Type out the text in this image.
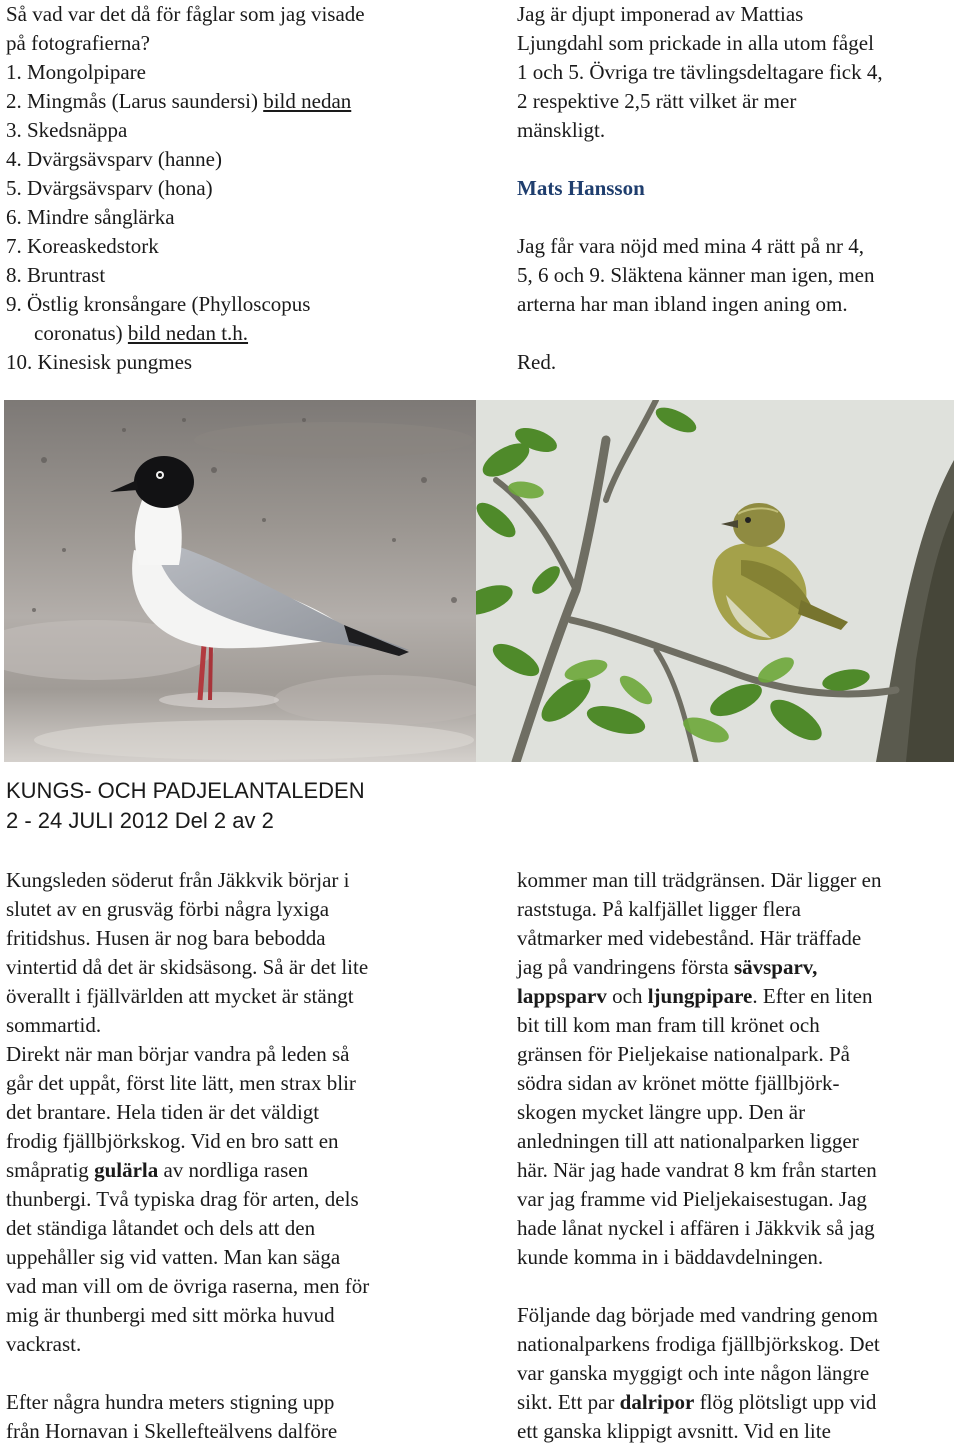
Så vad var det då för fåglar som jag visade

på fotografierna?

1. Mongolpipare

2. Mingmås (Larus saundersi) bild nedan

3. Skedsnäppa

4. Dvärgsävsparv (hanne)

5. Dvärgsävsparv (hona)

6. Mindre sånglärka

7. Koreaskedstork

8. Bruntrast

9. Östlig kronsångare (Phylloscopus

coronatus) bild nedan t.h.

10. Kinesisk pungmes

Jag är djupt imponerad av Mattias

Ljungdahl som prickade in alla utom fågel

1 och 5. Övriga tre tävlingsdeltagare fick 4,

2 respektive 2,5 rätt vilket är mer

mänskligt.

Mats Hansson

Jag får vara nöjd med mina 4 rätt på nr 4,

5, 6 och 9. Släktena känner man igen, men

arterna har man ibland ingen aning om.

Red.

KUNGS- OCH PADJELANTALEDEN
2 - 24 JULI 2012 Del 2 av 2

Kungsleden söderut från Jäkkvik börjar i

slutet av en grusväg förbi några lyxiga

fritidshus. Husen är nog bara bebodda

vintertid då det är skidsäsong. Så är det lite

överallt i fjällvärlden att mycket är stängt

sommartid.

Direkt när man börjar vandra på leden så

går det uppåt, först lite lätt, men strax blir

det brantare. Hela tiden är det väldigt

frodig fjällbjörkskog. Vid en bro satt en

småpratig gulärla av nordliga rasen

thunbergi. Två typiska drag för arten, dels

det ständiga låtandet och dels att den

uppehåller sig vid vatten. Man kan säga

vad man vill om de övriga raserna, men för

mig är thunbergi med sitt mörka huvud

vackrast.

Efter några hundra meters stigning upp

från Hornavan i Skellefteälvens dalföre

kommer man till trädgränsen. Där ligger en

raststuga. På kalfjället ligger flera

våtmarker med videbestånd. Här träffade

jag på vandringens första sävsparv,

lappsparv och ljungpipare. Efter en liten

bit till kom man fram till krönet och

gränsen för Pieljekaise nationalpark. På

södra sidan av krönet mötte fjällbjörk-

skogen mycket längre upp. Den är

anledningen till att nationalparken ligger

här. När jag hade vandrat 8 km från starten

var jag framme vid Pieljekaisestugan. Jag

hade lånat nyckel i affären i Jäkkvik så jag

kunde komma in i bäddavdelningen.

Följande dag började med vandring genom

nationalparkens frodiga fjällbjörkskog. Det

var ganska myggigt och inte någon längre

sikt. Ett par dalripor flög plötsligt upp vid

ett ganska klippigt avsnitt. Vid en lite
